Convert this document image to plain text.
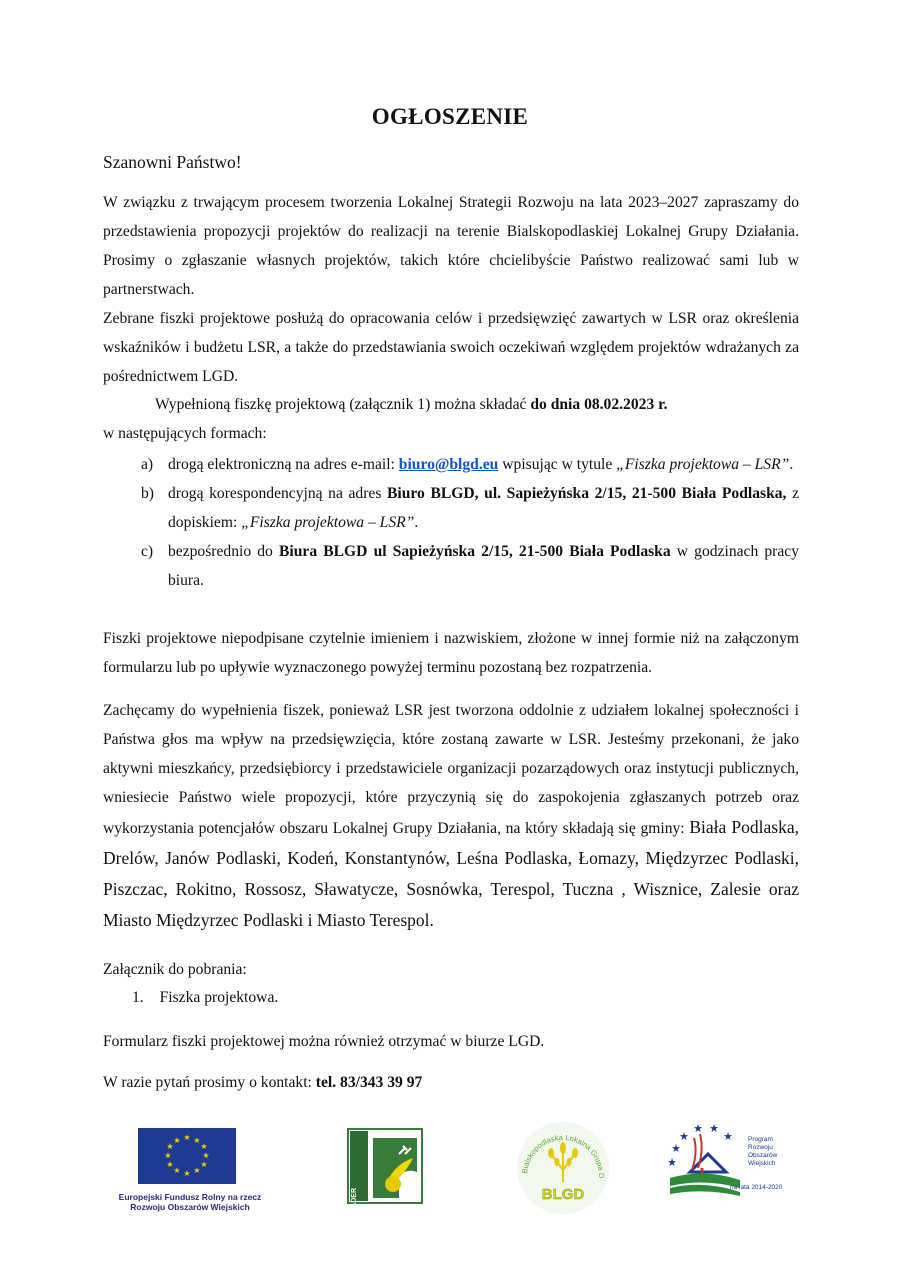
OGŁOSZENIE
Szanowni Państwo!
W związku z trwającym procesem tworzenia Lokalnej Strategii Rozwoju na lata 2023–2027 zapraszamy do przedstawienia propozycji projektów do realizacji na terenie Bialskopodlaskiej Lokalnej Grupy Działania. Prosimy o zgłaszanie własnych projektów, takich które chcielibyście Państwo realizować sami lub w partnerstwach.
Zebrane fiszki projektowe posłużą do opracowania celów i przedsięwzięć zawartych w LSR oraz określenia wskaźników i budżetu LSR, a także do przedstawiania swoich oczekiwań względem projektów wdrażanych za pośrednictwem LGD.
Wypełnioną fiszkę projektową (załącznik 1) można składać do dnia 08.02.2023 r.
w następujących formach:
a) drogą elektroniczną na adres e-mail: biuro@blgd.eu wpisując w tytule „Fiszka projektowa – LSR”.
b) drogą korespondencyjną na adres Biuro BLGD, ul. Sapieżyńska 2/15, 21-500 Biała Podlaska, z dopiskiem: „Fiszka projektowa – LSR”.
c) bezpośrednio do Biura BLGD ul Sapieżyńska 2/15, 21-500 Biała Podlaska w godzinach pracy biura.
Fiszki projektowe niepodpisane czytelnie imieniem i nazwiskiem, złożone w innej formie niż na załączonym formularzu lub po upływie wyznaczonego powyżej terminu pozostaną bez rozpatrzenia.
Zachęcamy do wypełnienia fiszek, ponieważ LSR jest tworzona oddolnie z udziałem lokalnej społeczności i Państwa głos ma wpływ na przedsięwzięcia, które zostaną zawarte w LSR. Jesteśmy przekonani, że jako aktywni mieszkańcy, przedsiębiorcy i przedstawiciele organizacji pozarządowych oraz instytucji publicznych, wniesiecie Państwo wiele propozycji, które przyczynią się do zaspokojenia zgłaszanych potrzeb oraz wykorzystania potencjałów obszaru Lokalnej Grupy Działania, na który składają się gminy: Biała Podlaska, Drelów, Janów Podlaski, Kodeń, Konstantynów, Leśna Podlaska, Łomazy, Międzyrzec Podlaski, Piszczac, Rokitno, Rossosz, Sławatycze, Sosnówka, Terespol, Tuczna , Wisznice, Zalesie oraz Miasto Międzyrzec Podlaski i Miasto Terespol.
Załącznik do pobrania:
1. Fiszka projektowa.
Formularz fiszki projektowej można również otrzymać w biurze LGD.
W razie pytań prosimy o kontakt: tel. 83/343 39 97
★ ★
★
★
★
★
★
★
★
★
★
★
Europejski Fundusz Rolny na rzecz
Rozwoju Obszarów Wiejskich	LEADER
Bialskopodlaska Lokalna Grupa D
BLGD
★
★
★ ★
★
★
Program
Rozwoju
Obszarów
Wiejskich
na lata 2014-2020
